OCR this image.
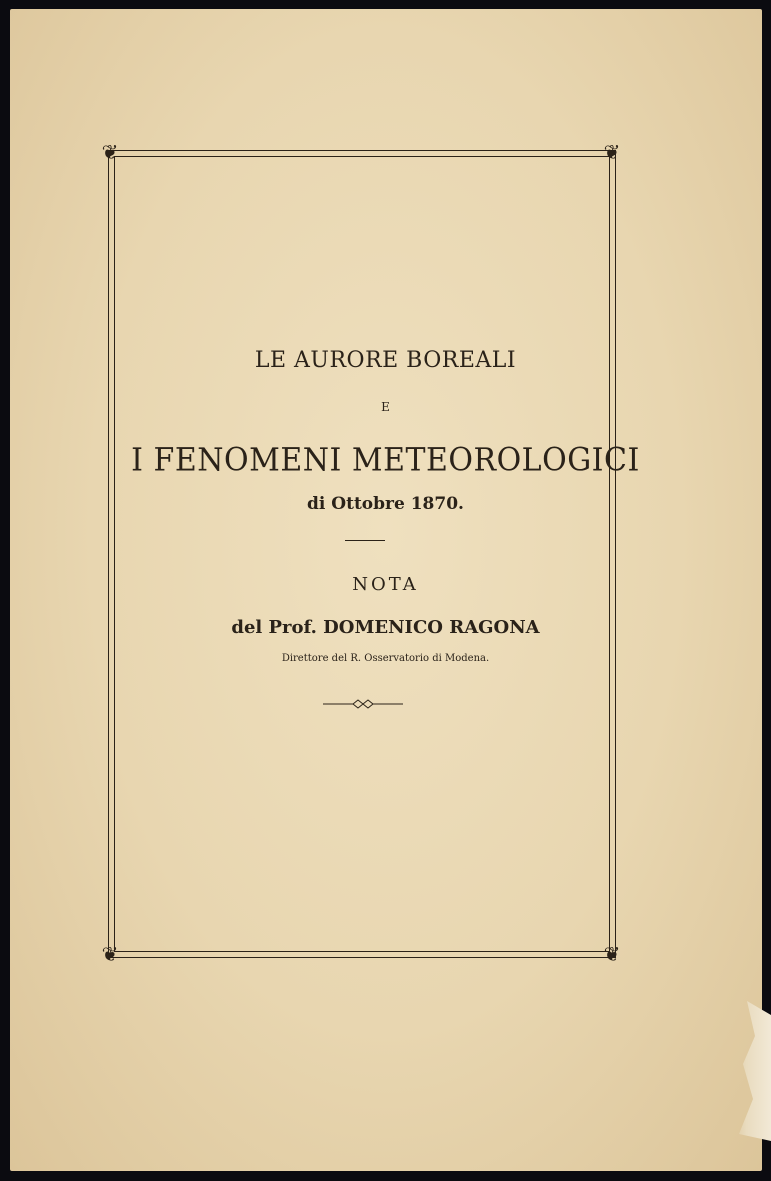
❦	❦
❦	❦
LE AURORE BOREALI
E
I FENOMENI METEOROLOGICI
di Ottobre 1870.
NOTA
del Prof. DOMENICO RAGONA
Direttore del R. Osservatorio di Modena.
